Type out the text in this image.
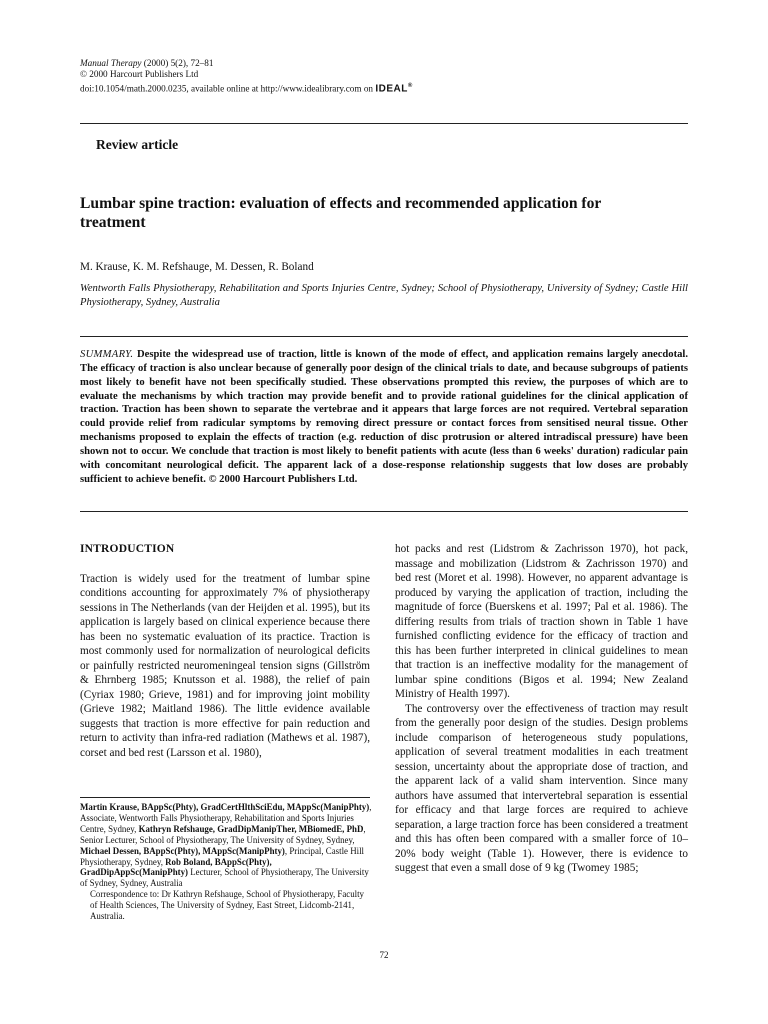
Manual Therapy (2000) 5(2), 72–81
© 2000 Harcourt Publishers Ltd
doi:10.1054/math.2000.0235, available online at http://www.idealibrary.com on IDEAL®
Review article
Lumbar spine traction: evaluation of effects and recommended application for treatment
M. Krause, K. M. Refshauge, M. Dessen, R. Boland
Wentworth Falls Physiotherapy, Rehabilitation and Sports Injuries Centre, Sydney; School of Physiotherapy, University of Sydney; Castle Hill Physiotherapy, Sydney, Australia
SUMMARY. Despite the widespread use of traction, little is known of the mode of effect, and application remains largely anecdotal. The efficacy of traction is also unclear because of generally poor design of the clinical trials to date, and because subgroups of patients most likely to benefit have not been specifically studied. These observations prompted this review, the purposes of which are to evaluate the mechanisms by which traction may provide benefit and to provide rational guidelines for the clinical application of traction. Traction has been shown to separate the vertebrae and it appears that large forces are not required. Vertebral separation could provide relief from radicular symptoms by removing direct pressure or contact forces from sensitised neural tissue. Other mechanisms proposed to explain the effects of traction (e.g. reduction of disc protrusion or altered intradiscal pressure) have been shown not to occur. We conclude that traction is most likely to benefit patients with acute (less than 6 weeks' duration) radicular pain with concomitant neurological deficit. The apparent lack of a dose-response relationship suggests that low doses are probably sufficient to achieve benefit. © 2000 Harcourt Publishers Ltd.
INTRODUCTION

Traction is widely used for the treatment of lumbar spine conditions accounting for approximately 7% of physiotherapy sessions in The Netherlands (van der Heijden et al. 1995), but its application is largely based on clinical experience because there has been no systematic evaluation of its practice. Traction is most commonly used for normalization of neurological deficits or painfully restricted neuromeningeal tension signs (Gillström & Ehrnberg 1985; Knutsson et al. 1988), the relief of pain (Cyriax 1980; Grieve, 1981) and for improving joint mobility (Grieve 1982; Maitland 1986). The little evidence available suggests that traction is more effective for pain reduction and return to activity than infra-red radiation (Mathews et al. 1987), corset and bed rest (Larsson et al. 1980),

Martin Krause, BAppSc(Phty), GradCertHlthSciEdu, MAppSc(ManipPhty), Associate, Wentworth Falls Physiotherapy, Rehabilitation and Sports Injuries Centre, Sydney, Kathryn Refshauge, GradDipManipTher, MBiomedE, PhD, Senior Lecturer, School of Physiotherapy, The University of Sydney, Sydney, Michael Dessen, BAppSc(Phty), MAppSc(ManipPhty), Principal, Castle Hill Physiotherapy, Sydney, Rob Boland, BAppSc(Phty), GradDipAppSc(ManipPhty) Lecturer, School of Physiotherapy, The University of Sydney, Sydney, Australia
Correspondence to: Dr Kathryn Refshauge, School of Physiotherapy, Faculty of Health Sciences, The University of Sydney, East Street, Lidcomb-2141, Australia.

hot packs and rest (Lidstrom & Zachrisson 1970), hot pack, massage and mobilization (Lidstrom & Zachrisson 1970) and bed rest (Moret et al. 1998). However, no apparent advantage is produced by varying the application of traction, including the magnitude of force (Buerskens et al. 1997; Pal et al. 1986). The differing results from trials of traction shown in Table 1 have furnished conflicting evidence for the efficacy of traction and this has been further interpreted in clinical guidelines to mean that traction is an ineffective modality for the management of lumbar spine conditions (Bigos et al. 1994; New Zealand Ministry of Health 1997).

The controversy over the effectiveness of traction may result from the generally poor design of the studies. Design problems include comparison of heterogeneous study populations, application of several treatment modalities in each treatment session, uncertainty about the appropriate dose of traction, and the apparent lack of a valid sham intervention. Since many authors have assumed that intervertebral separation is essential for efficacy and that large forces are required to achieve separation, a large traction force has been considered a treatment and this has often been compared with a smaller force of 10–20% body weight (Table 1). However, there is evidence to suggest that even a small dose of 9 kg (Twomey 1985;

72
